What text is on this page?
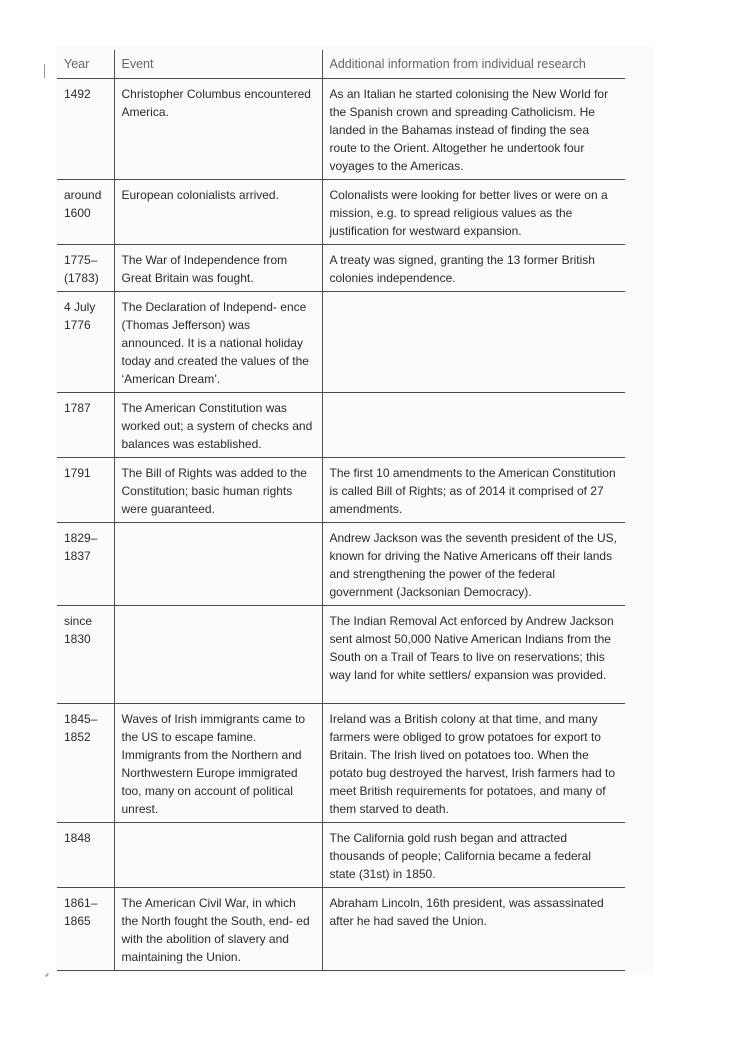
Year	Event	Additional information from individual research
1492	Christopher Columbus encountered America.	As an Italian he started colonising the New World for the Spanish crown and spreading Catholicism. He landed in the Bahamas instead of finding the sea route to the Orient. Altogether he undertook four voyages to the Americas.
around 1600	European colonialists arrived.	Colonalists were looking for better lives or were on a mission, e.g. to spread religious values as the justification for westward expansion.
1775–(1783)	The War of Independence from Great Britain was fought.	A treaty was signed, granting the 13 former British colonies independence.
4 July 1776	The Declaration of Independ- ence (Thomas Jefferson) was announced. It is a national holiday today and created the values of the ‘American Dream’.	
1787	The American Constitution was worked out; a system of checks and balances was established.	
1791	The Bill of Rights was added to the Constitution; basic human rights were guaranteed.	The first 10 amendments to the American Constitution is called Bill of Rights; as of 2014 it comprised of 27 amendments.
1829– 1837		Andrew Jackson was the seventh president of the US, known for driving the Native Americans off their lands and strengthening the power of the federal government (Jacksonian Democracy).
since 1830		The Indian Removal Act enforced by Andrew Jackson sent almost 50,000 Native American Indians from the South on a Trail of Tears to live on reservations; this way land for white settlers/ expansion was provided.
1845– 1852	Waves of Irish immigrants came to the US to escape famine. Immigrants from the Northern and Northwestern Europe immigrated too, many on account of political unrest.	Ireland was a British colony at that time, and many farmers were obliged to grow potatoes for export to Britain. The Irish lived on potatoes too. When the potato bug destroyed the harvest, Irish farmers had to meet British requirements for potatoes, and many of them starved to death.
1848		The California gold rush began and attracted thousands of people; California became a federal state (31st) in 1850.
1861– 1865	The American Civil War, in which the North fought the South, end- ed with the abolition of slavery and maintaining the Union.	Abraham Lincoln, 16th president, was assassinated after he had saved the Union.
